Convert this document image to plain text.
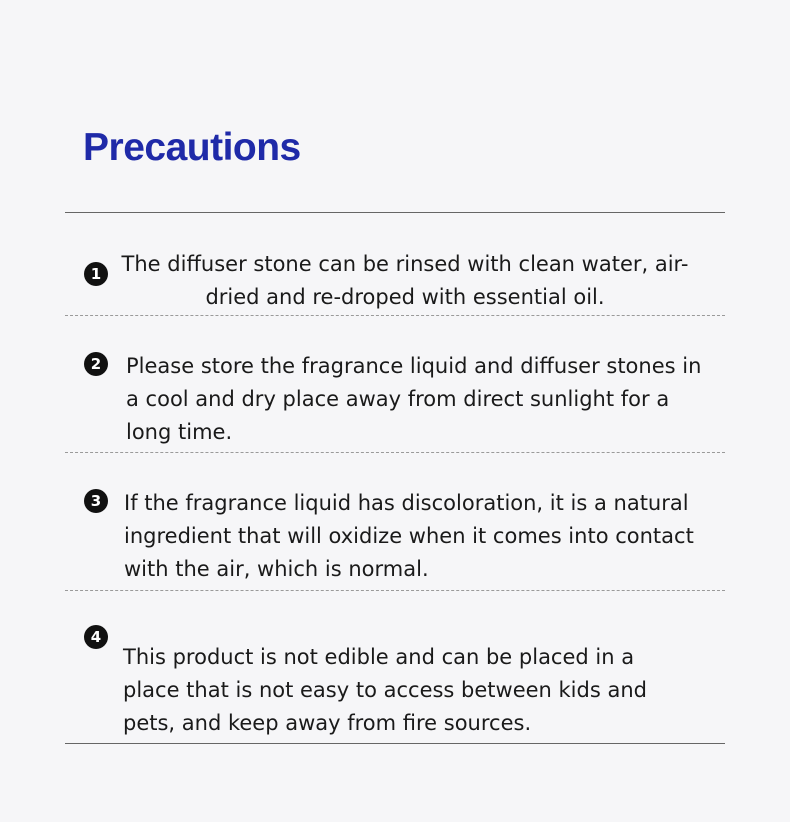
Precautions
1 The diffuser stone can be rinsed with clean water, air-dried and re-droped with essential oil.
2	Please store the fragrance liquid and diffuser stones in a cool and dry place away from direct sunlight for a long time.
3	If the fragrance liquid has discoloration, it is a natural ingredient that will oxidize when it comes into contact with the air, which is normal.
4
This product is not edible and can be placed in a place that is not easy to access between kids and pets, and keep away from fire sources.
